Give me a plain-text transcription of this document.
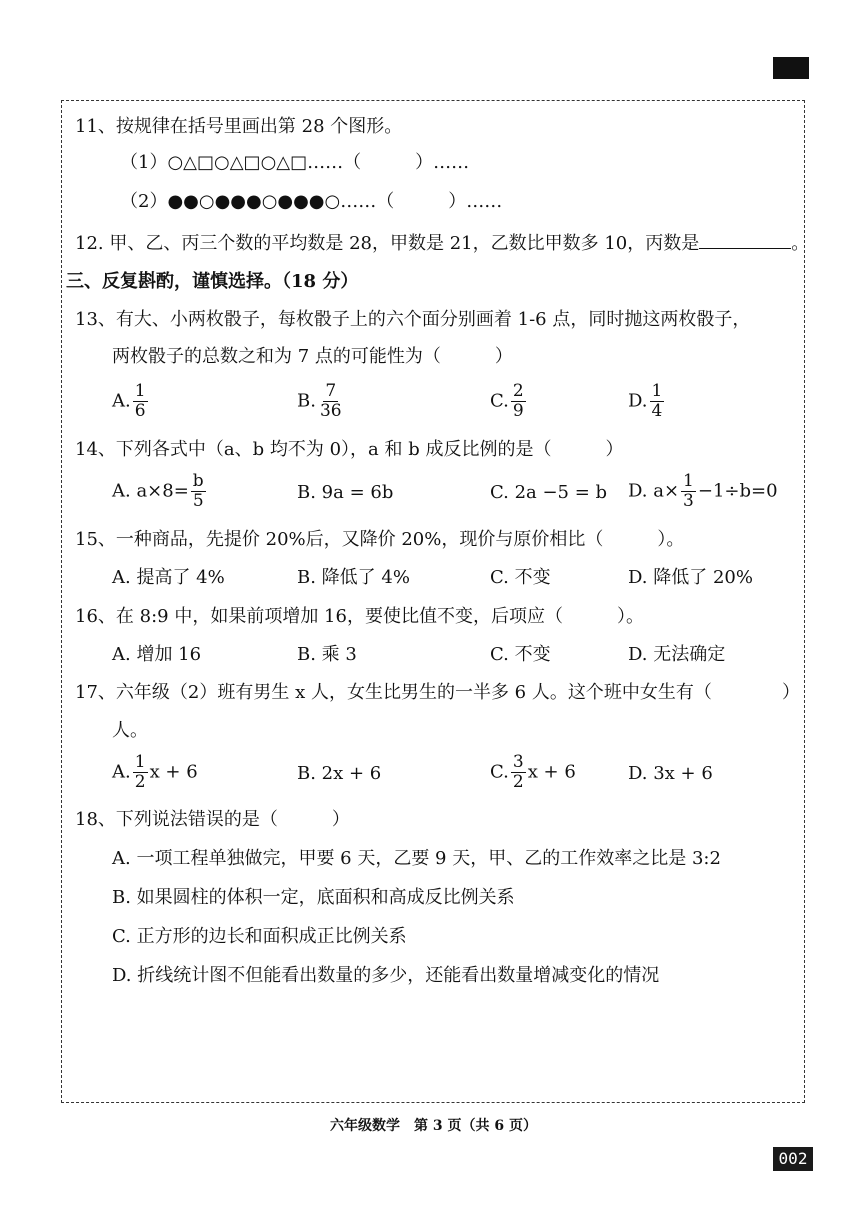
11、按规律在括号里画出第 28 个图形。
（1）○△□○△□○△□……（　　　）……
（2）●●○●●●○●●●○……（　　　）……
12. 甲、乙、丙三个数的平均数是 28，甲数是 21，乙数比甲数多 10，丙数是	。
三、反复斟酌，谨慎选择。（18 分）
13、有大、小两枚骰子，每枚骰子上的六个面分别画着 1-6 点，同时抛这两枚骰子，
两枚骰子的总数之和为 7 点的可能性为（　　　）
A. $\frac{1}{6}$	B. $\frac{7}{36}$	C. $\frac{2}{9}$	D. $\frac{1}{4}$
14、下列各式中（a、b 均不为 0），a 和 b 成反比例的是（　　　）
A. $a\times 8= \frac{b}{5}$	B. 9a = 6b	C. 2a −5 = b D. $a\times \frac{1}{3} -1\div b=0$
15、一种商品，先提价 20%后，又降价 20%，现价与原价相比（　　　）。
A. 提高了 4%	B. 降低了 4%	C. 不变	D. 降低了 20%
16、在 8:9 中，如果前项增加 16，要使比值不变，后项应（　　　）。
A. 增加 16	B. 乘 3	C. 不变	D. 无法确定
17、六年级（2）班有男生 x 人，女生比男生的一半多 6 人。这个班中女生有（	）
人。
A. $\frac{1}{2}$ x + 6	B. 2x + 6	C. $\frac{3}{2}$ x + 6	D. 3x + 6
18、下列说法错误的是（　　　）
A. 一项工程单独做完，甲要 6 天，乙要 9 天，甲、乙的工作效率之比是 3:2
B. 如果圆柱的体积一定，底面积和高成反比例关系
C. 正方形的边长和面积成正比例关系
D. 折线统计图不但能看出数量的多少，还能看出数量增减变化的情况
六年级数学　第 3 页（共 6 页）
002
